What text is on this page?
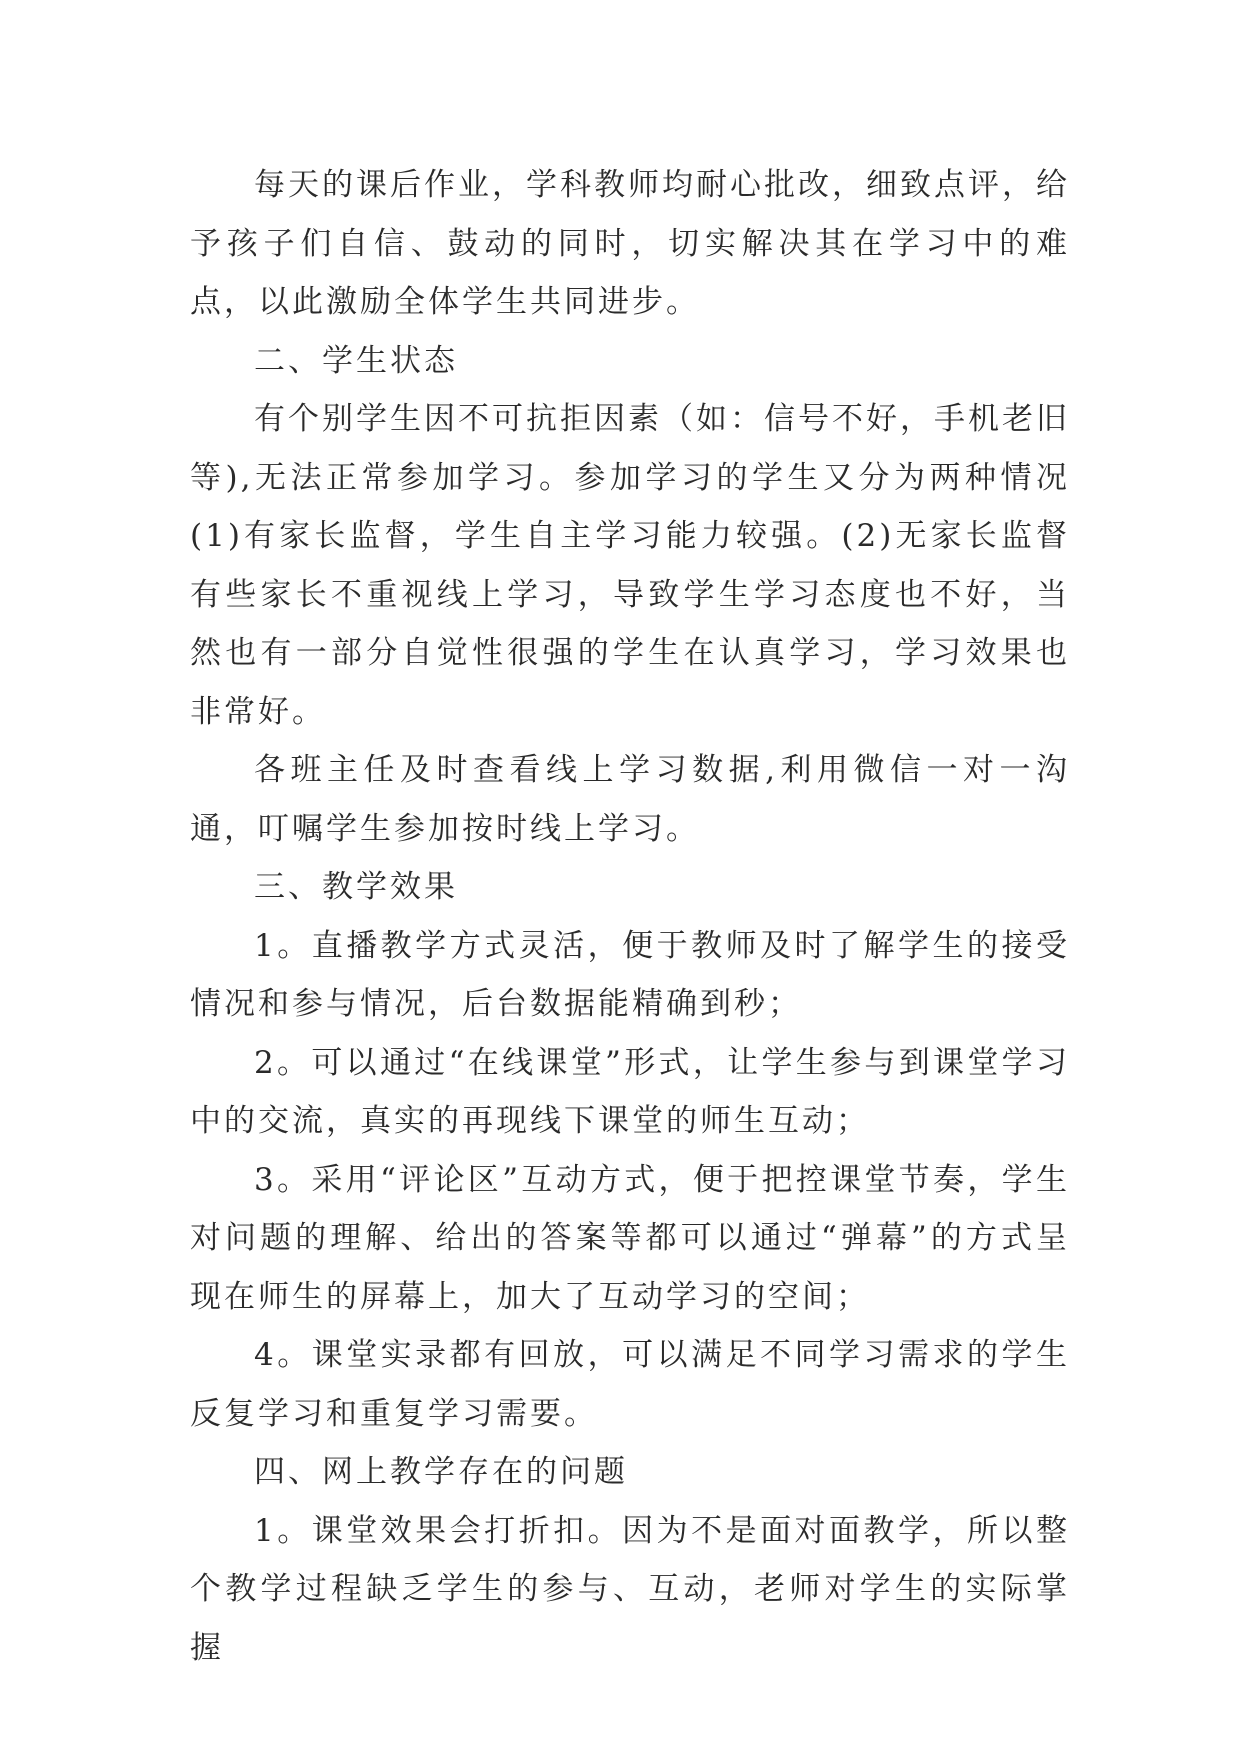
每天的课后作业，学科教师均耐心批改，细致点评，给予孩子们自信、鼓动的同时，切实解决其在学习中的难点，以此激励全体学生共同进步。

二、学生状态

有个别学生因不可抗拒因素（如：信号不好，手机老旧等),无法正常参加学习。参加学习的学生又分为两种情况(1)有家长监督，学生自主学习能力较强。(2)无家长监督有些家长不重视线上学习，导致学生学习态度也不好，当然也有一部分自觉性很强的学生在认真学习，学习效果也非常好。

各班主任及时查看线上学习数据,利用微信一对一沟通，叮嘱学生参加按时线上学习。

三、教学效果

1。直播教学方式灵活，便于教师及时了解学生的接受情况和参与情况，后台数据能精确到秒；

2。可以通过“在线课堂”形式，让学生参与到课堂学习中的交流，真实的再现线下课堂的师生互动；

3。采用“评论区”互动方式，便于把控课堂节奏，学生对问题的理解、给出的答案等都可以通过“弹幕”的方式呈现在师生的屏幕上，加大了互动学习的空间；

4。课堂实录都有回放，可以满足不同学习需求的学生反复学习和重复学习需要。

四、网上教学存在的问题

1。课堂效果会打折扣。因为不是面对面教学，所以整个教学过程缺乏学生的参与、互动，老师对学生的实际掌握
